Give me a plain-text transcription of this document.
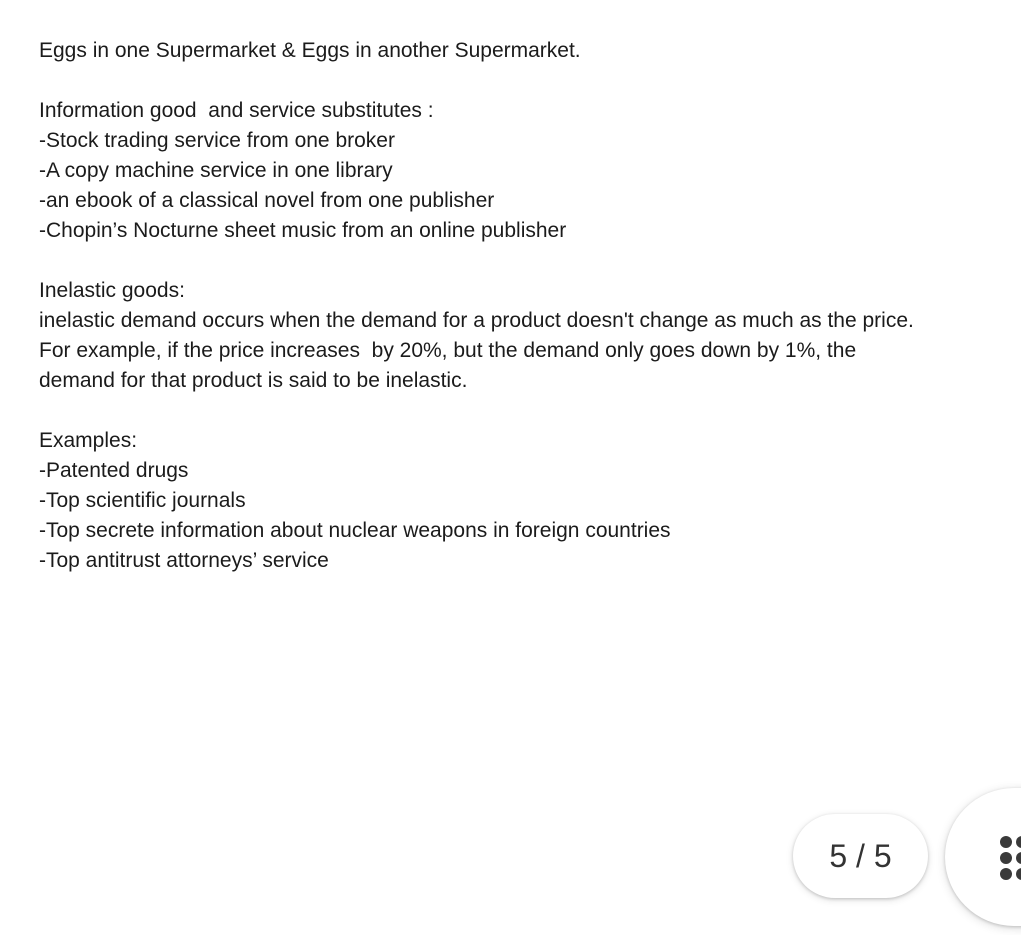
Eggs in one Supermarket & Eggs in another Supermarket.
Information good  and service substitutes :
-Stock trading service from one broker
-A copy machine service in one library
-an ebook of a classical novel from one publisher
-Chopin’s Nocturne sheet music from an online publisher
Inelastic goods:
inelastic demand occurs when the demand for a product doesn't change as much as the price.
For example, if the price increases  by 20%, but the demand only goes down by 1%, the
demand for that product is said to be inelastic.
Examples:
-Patented drugs
-Top scientific journals
-Top secrete information about nuclear weapons in foreign countries
-Top antitrust attorneys’ service
5 / 5
